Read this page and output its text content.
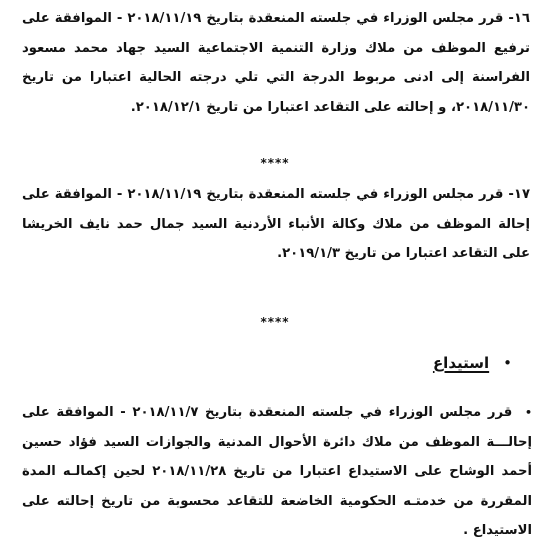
١٦- قرر مجلس الوزراء في جلسته المنعقدة بتاريخ ٢٠١٨/١١/١٩ - الموافقة على ترفيع الموظف من ملاك وزارة التنمية الاجتماعية السيد جهاد محمد مسعود الفراسنة إلى ادنى مربوط الدرجة التي تلي درجته الحالية اعتبارا من تاريخ ٢٠١٨/١١/٣٠، و إحالته على التقاعد اعتبارا من تاريخ ٢٠١٨/١٢/١.

****

١٧- قرر مجلس الوزراء في جلسته المنعقدة بتاريخ ٢٠١٨/١١/١٩ - الموافقة على إحالة الموظف من ملاك وكالة الأنباء الأردنية السيد جمال حمد نايف الخريشا على التقاعد اعتبارا من تاريخ ٢٠١٩/١/٣.

****
•
استيداع

• قرر مجلس الوزراء في جلسته المنعقدة بتاريخ ٢٠١٨/١١/٧ - الموافقة على إحالـــة الموظف من ملاك دائرة الأحوال المدنية والجوازات السيد فؤاد حسين أحمد الوشاح على الاستيداع اعتبارا من تاريخ ٢٠١٨/١١/٢٨ لحين إكمالـه المدة المقررة من خدمتـه الحكومية الخاضعة للتقاعد محسوبة من تاريخ إحالته على الاستيداع .
